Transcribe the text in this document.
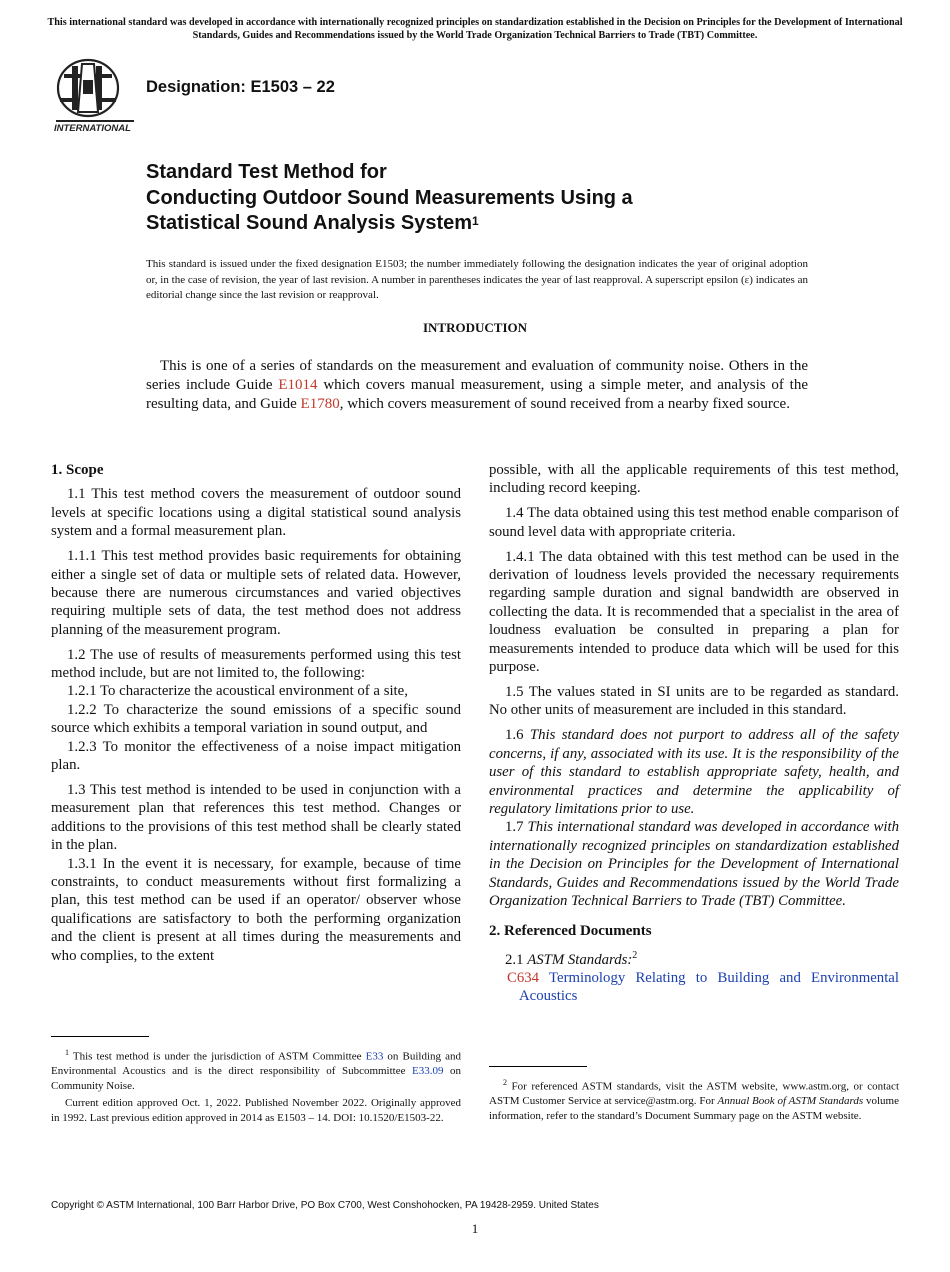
This international standard was developed in accordance with internationally recognized principles on standardization established in the Decision on Principles for the Development of International Standards, Guides and Recommendations issued by the World Trade Organization Technical Barriers to Trade (TBT) Committee.
INTERNATIONAL
Designation: E1503 – 22
Standard Test Method for
Conducting Outdoor Sound Measurements Using a
Statistical Sound Analysis System$^1$
This standard is issued under the fixed designation E1503; the number immediately following the designation indicates the year of original adoption or, in the case of revision, the year of last revision. A number in parentheses indicates the year of last reapproval. A superscript epsilon (ε) indicates an editorial change since the last revision or reapproval.
INTRODUCTION
This is one of a series of standards on the measurement and evaluation of community noise. Others in the series include Guide E1014 which covers manual measurement, using a simple meter, and analysis of the resulting data, and Guide E1780, which covers measurement of sound received from a nearby fixed source.
1. Scope

1.1 This test method covers the measurement of outdoor sound levels at specific locations using a digital statistical sound analysis system and a formal measurement plan.

1.1.1 This test method provides basic requirements for obtaining either a single set of data or multiple sets of related data. However, because there are numerous circumstances and varied objectives requiring multiple sets of data, the test method does not address planning of the measurement program.

1.2 The use of results of measurements performed using this test method include, but are not limited to, the following:

1.2.1 To characterize the acoustical environment of a site,

1.2.2 To characterize the sound emissions of a specific sound source which exhibits a temporal variation in sound output, and

1.2.3 To monitor the effectiveness of a noise impact mitigation plan.

1.3 This test method is intended to be used in conjunction with a measurement plan that references this test method. Changes or additions to the provisions of this test method shall be clearly stated in the plan.

1.3.1 In the event it is necessary, for example, because of time constraints, to conduct measurements without first formalizing a plan, this test method can be used if an operator/ observer whose qualifications are satisfactory to both the performing organization and the client is present at all times during the measurements and who complies, to the extent

possible, with all the applicable requirements of this test method, including record keeping.

1.4 The data obtained using this test method enable comparison of sound level data with appropriate criteria.

1.4.1 The data obtained with this test method can be used in the derivation of loudness levels provided the necessary requirements regarding sample duration and signal bandwidth are observed in collecting the data. It is recommended that a specialist in the area of loudness evaluation be consulted in preparing a plan for measurements intended to produce data which will be used for this purpose.

1.5 The values stated in SI units are to be regarded as standard. No other units of measurement are included in this standard.

1.6 This standard does not purport to address all of the safety concerns, if any, associated with its use. It is the responsibility of the user of this standard to establish appropriate safety, health, and environmental practices and determine the applicability of regulatory limitations prior to use.

1.7 This international standard was developed in accordance with internationally recognized principles on standardization established in the Decision on Principles for the Development of International Standards, Guides and Recommendations issued by the World Trade Organization Technical Barriers to Trade (TBT) Committee.

2. Referenced Documents

2.1 ASTM Standards:$^2$

C634 Terminology Relating to Building and Environmental Acoustics

$^1$ This test method is under the jurisdiction of ASTM Committee E33 on Building and Environmental Acoustics and is the direct responsibility of Subcommittee E33.09 on Community Noise.

Current edition approved Oct. 1, 2022. Published November 2022. Originally approved in 1992. Last previous edition approved in 2014 as E1503 – 14. DOI: 10.1520/E1503-22.

$^2$ For referenced ASTM standards, visit the ASTM website, www.astm.org, or contact ASTM Customer Service at service@astm.org. For Annual Book of ASTM Standards volume information, refer to the standard’s Document Summary page on the ASTM website.

Copyright © ASTM International, 100 Barr Harbor Drive, PO Box C700, West Conshohocken, PA 19428-2959. United States
1
